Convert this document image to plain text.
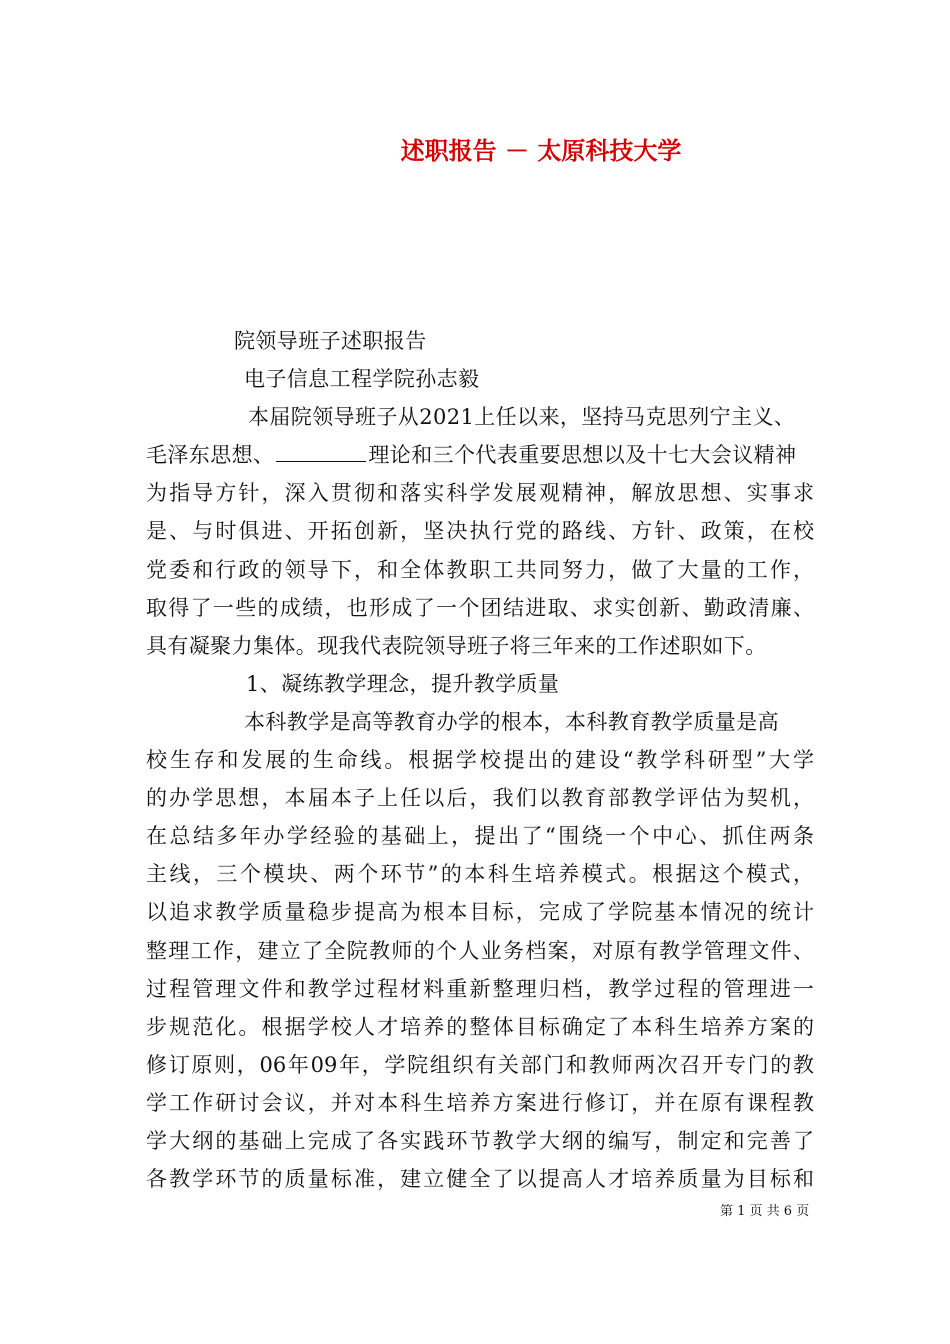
述职报告 － 太原科技大学
院领导班子述职报告
电子信息工程学院孙志毅
本届院领导班子从2021上任以来，坚持马克思列宁主义、
毛泽东思想、	理论和三个代表重要思想以及十七大会议精神
为指导方针，深入贯彻和落实科学发展观精神，解放思想、实事求
是、与时俱进、开拓创新，坚决执行党的路线、方针、政策，在校
党委和行政的领导下，和全体教职工共同努力，做了大量的工作，
取得了一些的成绩，也形成了一个团结进取、求实创新、勤政清廉、
具有凝聚力集体。现我代表院领导班子将三年来的工作述职如下。
1、凝练教学理念，提升教学质量
本科教学是高等教育办学的根本，本科教育教学质量是高
校生存和发展的生命线。根据学校提出的建设“教学科研型”大学
的办学思想，本届本子上任以后，我们以教育部教学评估为契机，
在总结多年办学经验的基础上，提出了“围绕一个中心、抓住两条
主线，三个模块、两个环节”的本科生培养模式。根据这个模式，
以追求教学质量稳步提高为根本目标，完成了学院基本情况的统计
整理工作，建立了全院教师的个人业务档案，对原有教学管理文件、
过程管理文件和教学过程材料重新整理归档，教学过程的管理进一
步规范化。根据学校人才培养的整体目标确定了本科生培养方案的
修订原则，06年09年，学院组织有关部门和教师两次召开专门的教
学工作研讨会议，并对本科生培养方案进行修订，并在原有课程教
学大纲的基础上完成了各实践环节教学大纲的编写，制定和完善了
各教学环节的质量标准，建立健全了以提高人才培养质量为目标和
第 1 页 共 6 页
